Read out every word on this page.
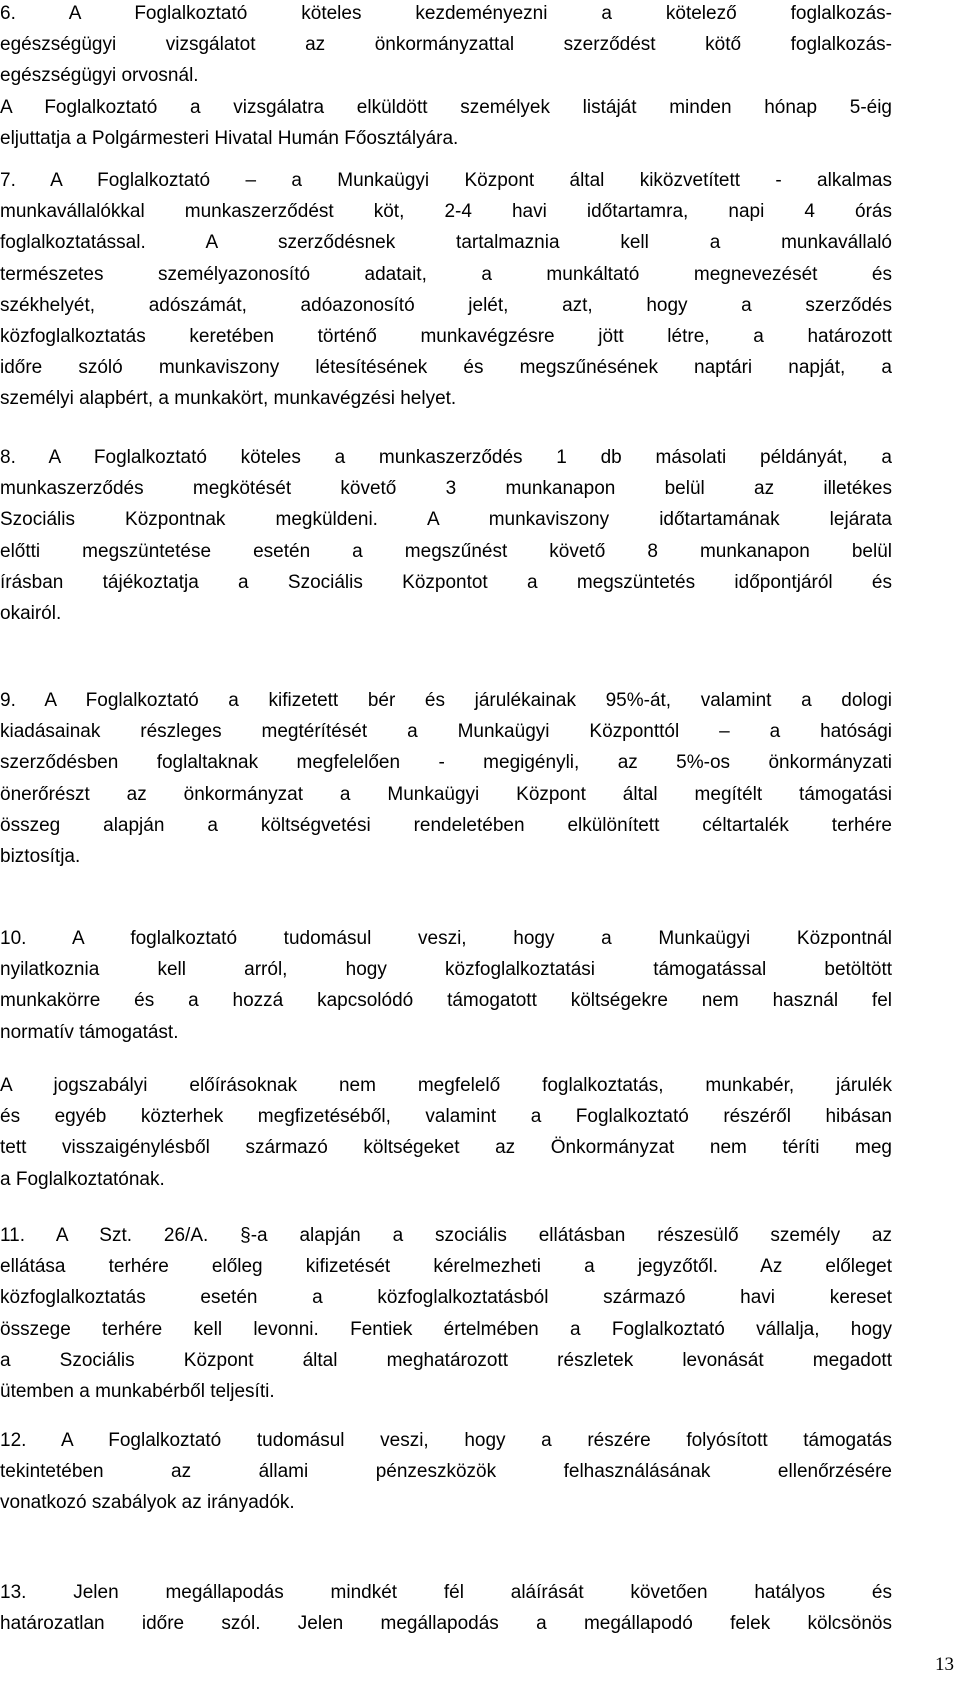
6. A Foglalkoztató köteles kezdeményezni a kötelező foglalkozás-
egészségügyi vizsgálatot az önkormányzattal szerződést kötő foglalkozás-
egészségügyi orvosnál.
A Foglalkoztató a vizsgálatra elküldött személyek listáját minden hónap 5-éig
eljuttatja a Polgármesteri Hivatal Humán Főosztályára.
7. A Foglalkoztató – a Munkaügyi Központ által kiközvetített - alkalmas
munkavállalókkal munkaszerződést köt, 2-4 havi időtartamra, napi 4 órás
foglalkoztatással. A szerződésnek tartalmaznia kell a munkavállaló
természetes személyazonosító adatait, a munkáltató megnevezését és
székhelyét, adószámát, adóazonosító jelét, azt, hogy a szerződés
közfoglalkoztatás keretében történő munkavégzésre jött létre, a határozott
időre szóló munkaviszony létesítésének és megszűnésének naptári napját, a
személyi alapbért, a munkakört, munkavégzési helyet.
8. A Foglalkoztató köteles a munkaszerződés 1 db másolati példányát, a
munkaszerződés megkötését követő 3 munkanapon belül az illetékes
Szociális Központnak megküldeni. A munkaviszony időtartamának lejárata
előtti megszüntetése esetén a megszűnést követő 8 munkanapon belül
írásban tájékoztatja a Szociális Központot a megszüntetés időpontjáról és
okairól.
9. A Foglalkoztató a kifizetett bér és járulékainak 95%-át, valamint a dologi
kiadásainak részleges megtérítését a Munkaügyi Központtól – a hatósági
szerződésben foglaltaknak megfelelően - megigényli, az 5%-os önkormányzati
önerőrészt az önkormányzat a Munkaügyi Központ által megítélt támogatási
összeg alapján a költségvetési rendeletében elkülönített céltartalék terhére
biztosítja.
10. A foglalkoztató tudomásul veszi, hogy a Munkaügyi Központnál
nyilatkoznia kell arról, hogy közfoglalkoztatási támogatással betöltött
munkakörre és a hozzá kapcsolódó támogatott költségekre nem használ fel
normatív támogatást.
A jogszabályi előírásoknak nem megfelelő foglalkoztatás, munkabér, járulék
és egyéb közterhek megfizetéséből, valamint a Foglalkoztató részéről hibásan
tett visszaigénylésből származó költségeket az Önkormányzat nem téríti meg
a Foglalkoztatónak.
11. A Szt. 26/A. §-a alapján a szociális ellátásban részesülő személy az
ellátása terhére előleg kifizetését kérelmezheti a jegyzőtől. Az előleget
közfoglalkoztatás esetén a közfoglalkoztatásból származó havi kereset
összege terhére kell levonni. Fentiek értelmében a Foglalkoztató vállalja, hogy
a Szociális Központ által meghatározott részletek levonását megadott
ütemben a munkabérből teljesíti.
12. A Foglalkoztató tudomásul veszi, hogy a részére folyósított támogatás
tekintetében az állami pénzeszközök felhasználásának ellenőrzésére
vonatkozó szabályok az irányadók.
13. Jelen megállapodás mindkét fél aláírását követően hatályos és
határozatlan időre szól. Jelen megállapodás a megállapodó felek kölcsönös
13
